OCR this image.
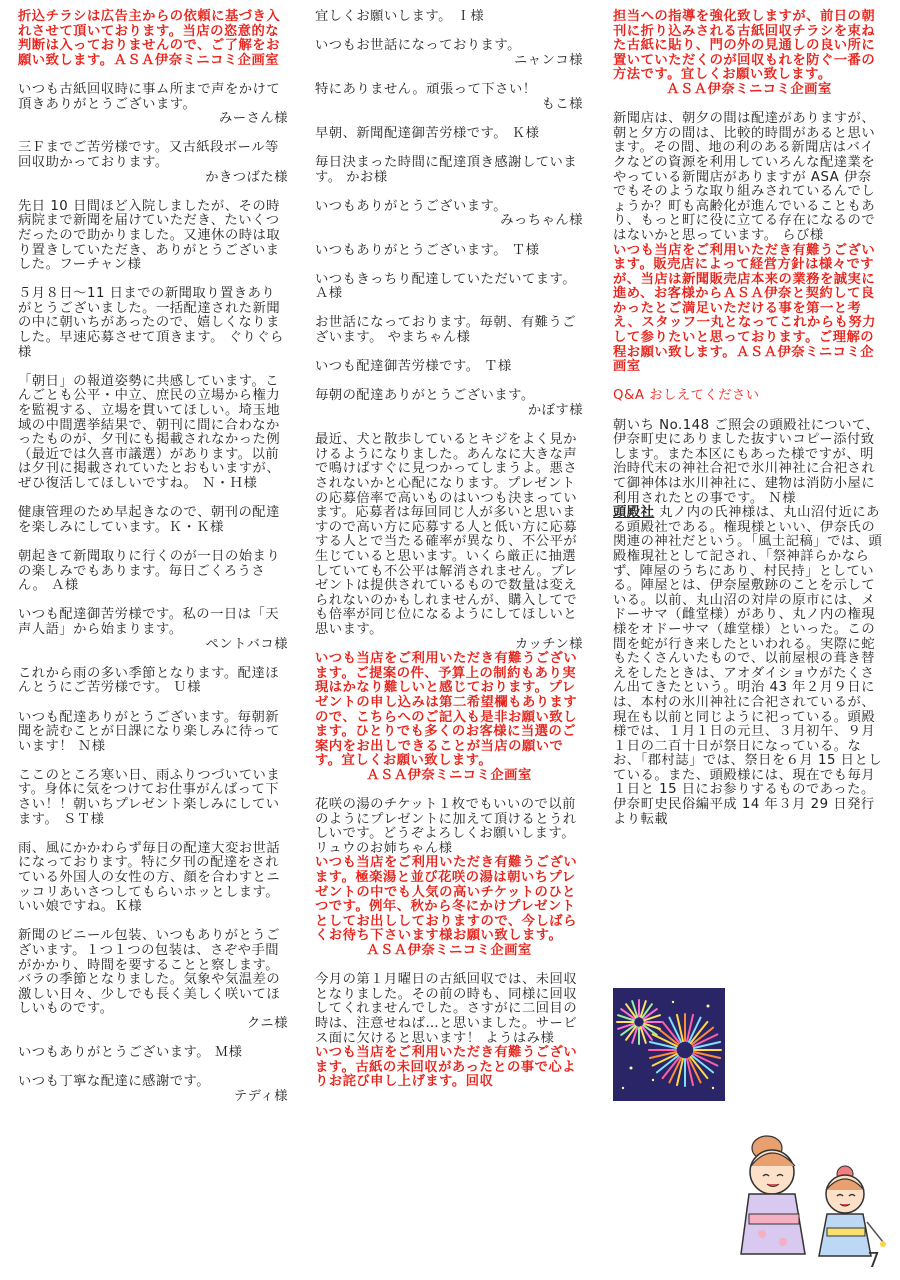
折込チラシは広告主からの依頼に基づき入れさせて頂いております。当店の恣意的な判断は入っておりませんので、ご了解をお願い致します。ＡＳＡ伊奈ミニコミ企画室

いつも古紙回収時に事ム所まで声をかけて頂きありがとうございます。

みーさん様

三Ｆまでご苦労様です。又古紙段ボール等回収助かっております。

かきつばた様

先日 10 日間ほど入院しましたが、その時病院まで新聞を届けていただき、たいくつだったので助かりました。又連休の時は取り置きしていただき、ありがとうございました。フーチャン様

５月８日〜11 日までの新聞取り置きありがとうございました。一括配達された新聞の中に朝いちがあったので、嬉しくなりました。早速応募させて頂きます。 ぐりぐら様

「朝日」の報道姿勢に共感しています。こんごとも公平・中立、庶民の立場から権力を監視する、立場を貫いてほしい。埼玉地域の中間選挙結果で、朝刊に間に合わなかったものが、夕刊にも掲載されなかった例（最近では久喜市議選）があります。以前は夕刊に掲載されていたとおもいますが、ぜひ復活してほしいですね。 Ｎ・Ｈ様

健康管理のため早起きなので、朝刊の配達を楽しみにしています。Ｋ・Ｋ様

朝起きて新聞取りに行くのが一日の始まりの楽しみでもあります。毎日ごくろうさん。 Ａ様

いつも配達御苦労様です。私の一日は「天声人語」から始まります。

ペントバコ様

これから雨の多い季節となります。配達ほんとうにご苦労様です。 Ｕ様

いつも配達ありがとうございます。毎朝新聞を読むことが日課になり楽しみに待っています！ Ｎ様

ここのところ寒い日、雨ふりつづいています。身体に気をつけてお仕事がんばって下さい！！朝いちプレゼント楽しみにしています。 ＳＴ様

雨、風にかかわらず毎日の配達大変お世話になっております。特に夕刊の配達をされている外国人の女性の方、顔を合わすとニッコリあいさつしてもらいホッとします。いい娘ですね。Ｋ様

新聞のビニール包装、いつもありがとうございます。１つ１つの包装は、さぞや手間がかかり、時間を要することと察します。バラの季節となりました。気象や気温差の激しい日々、少しでも長く美しく咲いてほしいものです。

クニ様

いつもありがとうございます。 Ｍ様

いつも丁寧な配達に感謝です。

テディ様

宜しくお願いします。 Ｉ様

いつもお世話になっております。

ニャンコ様

特にありません。頑張って下さい！

もこ様

早朝、新聞配達御苦労様です。 Ｋ様

毎日決まった時間に配達頂き感謝しています。 かお様

いつもありがとうございます。

みっちゃん様

いつもありがとうございます。 Ｔ様

いつもきっちり配達していただいてます。 Ａ様

お世話になっております。毎朝、有難うございます。 やまちゃん様

いつも配達御苦労様です。 Ｔ様

毎朝の配達ありがとうございます。

かぼす様

最近、犬と散歩しているとキジをよく見かけるようになりました。あんなに大きな声で鳴けばすぐに見つかってしまうよ。悪さされないかと心配になります。プレゼントの応募倍率で高いものはいつも決まっています。応募者は毎回同じ人が多いと思いますので高い方に応募する人と低い方に応募する人とで当たる確率が異なり、不公平が生じていると思います。いくら厳正に抽選していても不公平は解消されません。プレゼントは提供されているもので数量は変えられないのかもしれませんが、購入してでも倍率が同じ位になるようにしてほしいと思います。

カッチン様

いつも当店をご利用いただき有難うございます。ご提案の件、予算上の制約もあり実現はかなり難しいと感じております。プレゼントの申し込みは第二希望欄もありますので、こちらへのご記入も是非お願い致します。ひとりでも多くのお客様に当選のご案内をお出しできることが当店の願いです。宜しくお願い致します。

ＡＳＡ伊奈ミニコミ企画室

花咲の湯のチケット１枚でもいいので以前のようにプレゼントに加えて頂けるとうれしいです。どうぞよろしくお願いします。 リュウのお姉ちゃん様

いつも当店をご利用いただき有難うございます。極楽湯と並び花咲の湯は朝いちプレゼントの中でも人気の高いチケットのひとつです。例年、秋から冬にかけプレゼントとしてお出ししておりますので、今しばらくお待ち下さいます様お願い致します。

ＡＳＡ伊奈ミニコミ企画室

今月の第１月曜日の古紙回収では、未回収となりました。その前の時も、同様に回収してくれませんでした。さすがに二回目の時は、注意せねば…と思いました。サービス面に欠けると思います！ ようはみ様

いつも当店をご利用いただき有難うございます。古紙の未回収があったとの事で心よりお詫び申し上げます。回収

担当への指導を強化致しますが、前日の朝刊に折り込みされる古紙回収チラシを束ねた古紙に貼り、門の外の見通しの良い所に置いていただくのが回収もれを防ぐ一番の方法です。宜しくお願い致します。

ＡＳＡ伊奈ミニコミ企画室

新聞店は、朝夕の間は配達がありますが、朝と夕方の間は、比較的時間があると思います。その間、地の利のある新聞店はバイクなどの資源を利用していろんな配達業をやっている新聞店がありますが ASA 伊奈でもそのような取り組みされているんでしょうか？町も高齢化が進んでいることもあり、もっと町に役に立てる存在になるのではないかと思っています。 らび様

いつも当店をご利用いただき有難うございます。販売店によって経営方針は様々ですが、当店は新聞販売店本来の業務を誠実に進め、お客様からＡＳＡ伊奈と契約して良かったとご満足いただける事を第一と考え、スタッフ一丸となってこれからも努力して参りたいと思っております。ご理解の程お願い致します。ＡＳＡ伊奈ミニコミ企画室

Q&A おしえてください

朝いち No.148 ご照会の頭殿社について、伊奈町史にありました抜すいコピー添付致します。また本区にもあった様ですが、明治時代末の神社合祀で氷川神社に合祀されて御神体は氷川神社に、建物は消防小屋に利用されたとの事です。 Ｎ様

頭殿社 丸ノ内の氏神様は、丸山沼付近にある頭殿社である。権現様といい、伊奈氏の関連の神社だという。「風土記稿」では、頭殿権現社として記され、「祭神詳らかならず、陣屋のうちにあり、村民持」としている。陣屋とは、伊奈屋敷跡のことを示している。以前、丸山沼の対岸の原市には、メドーサマ（雌堂様）があり、丸ノ内の権現様をオドーサマ（雄堂様）といった。この間を蛇が行き来したといわれる。実際に蛇もたくさんいたもので、以前屋根の葺き替えをしたときは、アオダイショウがたくさん出てきたという。明治 43 年２月９日には、本村の氷川神社に合祀されているが、現在も以前と同じように祀っている。頭殿様では、１月１日の元旦、３月初午、９月１日の二百十日が祭日になっている。なお、「郡村誌」では、祭日を６月 15 日としている。また、頭殿様には、現在でも毎月１日と 15 日にお参りするものであった。伊奈町史民俗編平成 14 年３月 29 日発行より転載

7
